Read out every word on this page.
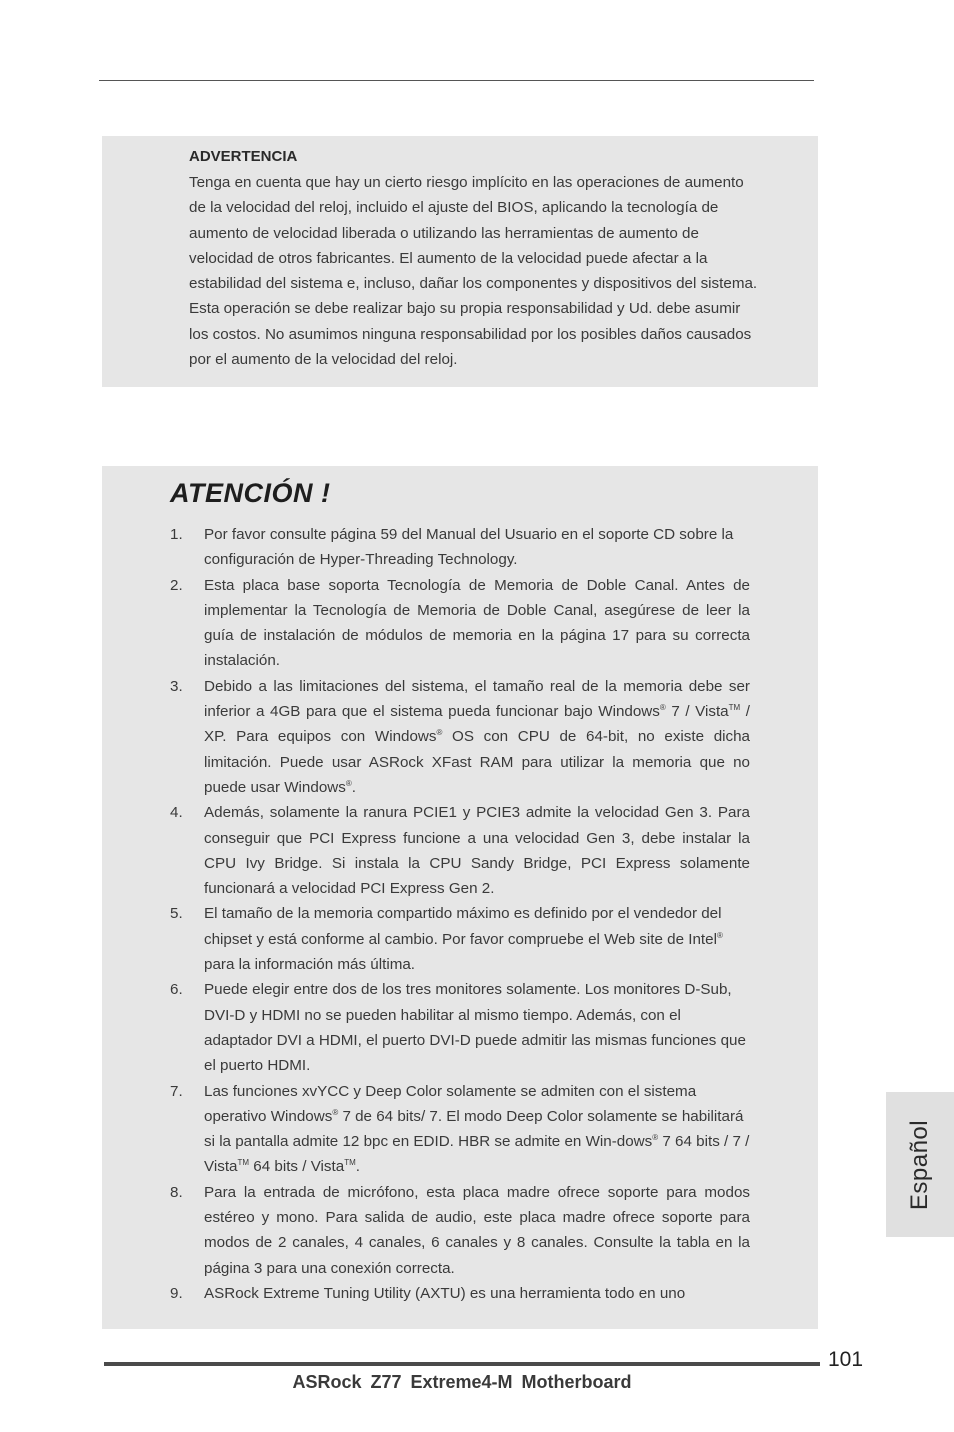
ADVERTENCIA

Tenga en cuenta que hay un cierto riesgo implícito en las operaciones de aumento
de la velocidad del reloj, incluido el ajuste del BIOS, aplicando la tecnología de
aumento de velocidad liberada o utilizando las herramientas de aumento de
velocidad de otros fabricantes. El aumento de la velocidad puede afectar a la
estabilidad del sistema e, incluso, dañar los componentes y dispositivos del sistema.
Esta operación se debe realizar bajo su propia responsabilidad y Ud. debe asumir
los costos. No asumimos ninguna responsabilidad por los posibles daños causados
por el aumento de la velocidad del reloj.

ATENCIÓN !
1. Por favor consulte página 59 del Manual del Usuario en el soporte CD sobre la configuración de Hyper-Threading Technology.
2. Esta placa base soporta Tecnología de Memoria de Doble Canal. Antes de implementar la Tecnología de Memoria de Doble Canal, asegúrese de leer la guía de instalación de módulos de memoria en la página 17 para su correcta instalación.
3. Debido a las limitaciones del sistema, el tamaño real de la memoria debe ser inferior a 4GB para que el sistema pueda funcionar bajo Windows® 7 / Vista™ / XP. Para equipos con Windows® OS con CPU de 64-bit, no existe dicha limitación. Puede usar ASRock XFast RAM para utilizar la memoria que no puede usar Windows®.
4. Además, solamente la ranura PCIE1 y PCIE3 admite la velocidad Gen 3. Para conseguir que PCI Express funcione a una velocidad Gen 3, debe instalar la CPU Ivy Bridge. Si instala la CPU Sandy Bridge, PCI Express solamente funcionará a velocidad PCI Express Gen 2.
5. El tamaño de la memoria compartido máximo es definido por el vendedor del chipset y está conforme al cambio. Por favor compruebe el Web site de Intel® para la información más última.
6. Puede elegir entre dos de los tres monitores solamente. Los monitores D-Sub, DVI-D y HDMI no se pueden habilitar al mismo tiempo. Además, con el adaptador DVI a HDMI, el puerto DVI-D puede admitir las mismas funciones que el puerto HDMI.
7. Las funciones xvYCC y Deep Color solamente se admiten con el sistema operativo Windows® 7 de 64 bits/ 7. El modo Deep Color solamente se habilitará si la pantalla admite 12 bpc en EDID. HBR se admite en Win-dows® 7 64 bits / 7 / Vista™ 64 bits / Vista™.
8. Para la entrada de micrófono, esta placa madre ofrece soporte para modos estéreo y mono. Para salida de audio, este placa madre ofrece soporte para modos de 2 canales, 4 canales, 6 canales y 8 canales. Consulte la tabla en la página 3 para una conexión correcta.
9. ASRock Extreme Tuning Utility (AXTU) es una herramienta todo en uno
Español
101
ASRock Z77 Extreme4-M Motherboard
